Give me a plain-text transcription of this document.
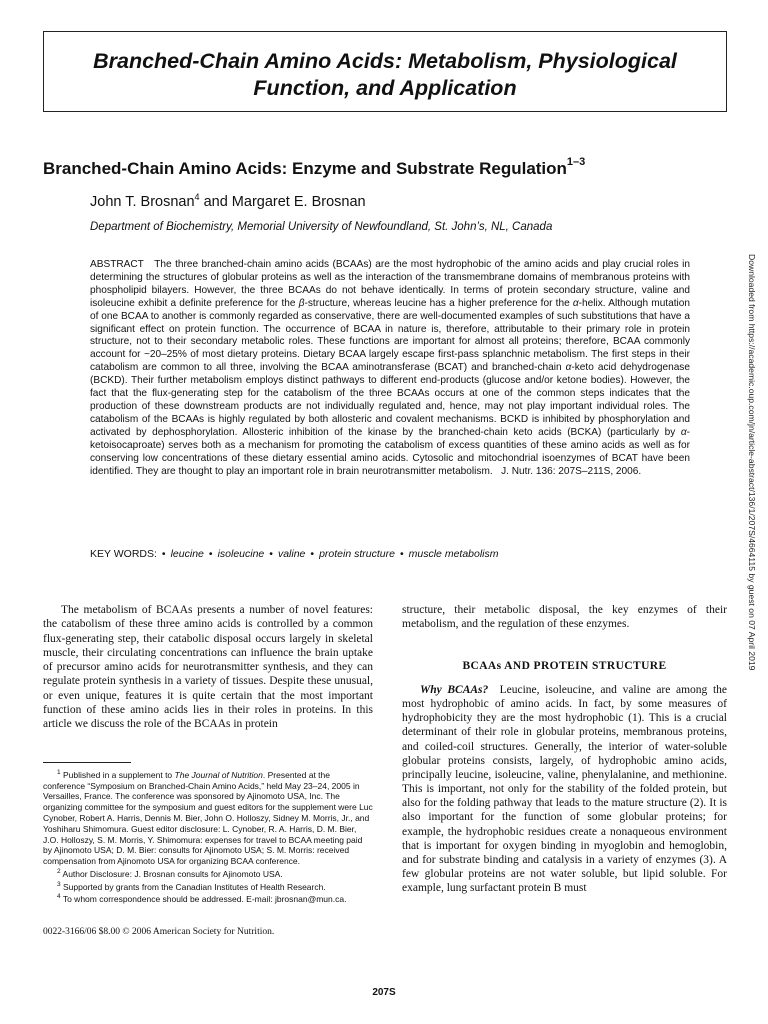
Branched-Chain Amino Acids: Metabolism, Physiological
Function, and Application
Branched-Chain Amino Acids: Enzyme and Substrate Regulation$^{1-3}$
John T. Brosnan$^4$ and Margaret E. Brosnan
Department of Biochemistry, Memorial University of Newfoundland, St. John’s, NL, Canada

ABSTRACT The three branched-chain amino acids (BCAAs) are the most hydrophobic of the amino acids and play crucial roles in determining the structures of globular proteins as well as the interaction of the transmembrane domains of membranous proteins with phospholipid bilayers. However, the three BCAAs do not behave identically. In terms of protein secondary structure, valine and isoleucine exhibit a definite preference for the β-structure, whereas leucine has a higher preference for the α-helix. Although mutation of one BCAA to another is commonly regarded as conservative, there are well-documented examples of such substitutions that have a significant effect on protein function. The occurrence of BCAA in nature is, therefore, attributable to their primary role in protein structure, not to their secondary metabolic roles. These functions are important for almost all proteins; therefore, BCAA commonly account for ~20–25% of most dietary proteins. Dietary BCAA largely escape first-pass splanchnic metabolism. The first steps in their catabolism are common to all three, involving the BCAA aminotransferase (BCAT) and branched-chain α-keto acid dehydrogenase (BCKD). Their further metabolism employs distinct pathways to different end-products (glucose and/or ketone bodies). However, the fact that the flux-generating step for the catabolism of the three BCAAs occurs at one of the common steps indicates that the production of these downstream products are not individually regulated and, hence, may not play important individual roles. The catabolism of the BCAAs is highly regulated by both allosteric and covalent mechanisms. BCKD is inhibited by phosphorylation and activated by dephosphorylation. Allosteric inhibition of the kinase by the branched-chain keto acids (BCKA) (particularly by α-ketoisocaproate) serves both as a mechanism for promoting the catabolism of excess quantities of these amino acids as well as for conserving low concentrations of these dietary essential amino acids. Cytosolic and mitochondrial isoenzymes of BCAT have been identified. They are thought to play an important role in brain neurotransmitter metabolism. J. Nutr. 136: 207S–211S, 2006.

KEY WORDS: • leucine • isoleucine • valine • protein structure • muscle metabolism

The metabolism of BCAAs presents a number of novel features: the catabolism of these three amino acids is controlled by a common flux-generating step, their catabolic disposal occurs largely in skeletal muscle, their circulating concentrations can influence the brain uptake of precursor amino acids for neurotransmitter synthesis, and they can regulate protein synthesis in a variety of tissues. Despite these unusual, or even unique, features it is quite certain that the most important function of these amino acids lies in their roles in proteins. In this article we discuss the role of the BCAAs in protein

structure, their metabolic disposal, the key enzymes of their metabolism, and the regulation of these enzymes.

BCAAs AND PROTEIN STRUCTURE

Why BCAAs? Leucine, isoleucine, and valine are among the most hydrophobic of amino acids. In fact, by some measures of hydrophobicity they are the most hydrophobic (1). This is a crucial determinant of their role in globular proteins, membranous proteins, and coiled-coil structures. Generally, the interior of water-soluble globular proteins consists, largely, of hydrophobic amino acids, principally leucine, isoleucine, valine, phenylalanine, and methionine. This is important, not only for the stability of the folded protein, but also for the folding pathway that leads to the mature structure (2). It is also important for the function of some globular proteins; for example, the hydrophobic residues create a nonaqueous environment that is important for oxygen binding in myoglobin and hemoglobin, and for substrate binding and catalysis in a variety of enzymes (3). A few globular proteins are not water soluble, but lipid soluble. For example, lung surfactant protein B must

$^1$ Published in a supplement to The Journal of Nutrition. Presented at the conference “Symposium on Branched-Chain Amino Acids,” held May 23–24, 2005 in Versailles, France. The conference was sponsored by Ajinomoto USA, Inc. The organizing committee for the symposium and guest editors for the supplement were Luc Cynober, Robert A. Harris, Dennis M. Bier, John O. Holloszy, Sidney M. Morris, Jr., and Yoshiharu Shimomura. Guest editor disclosure: L. Cynober, R. A. Harris, D. M. Bier, J.O. Holloszy, S. M. Morris, Y. Shimomura: expenses for travel to BCAA meeting paid by Ajinomoto USA; D. M. Bier: consults for Ajinomoto USA; S. M. Morris: received compensation from Ajinomoto USA for organizing BCAA conference.

$^2$ Author Disclosure: J. Brosnan consults for Ajinomoto USA.

$^3$ Supported by grants from the Canadian Institutes of Health Research.

$^4$ To whom correspondence should be addressed. E-mail: jbrosnan@mun.ca.

0022-3166/06 $8.00 © 2006 American Society for Nutrition.
207S
Downloaded from https://academic.oup.com/jn/article-abstract/136/1/207S/4664115 by guest on 07 April 2019
